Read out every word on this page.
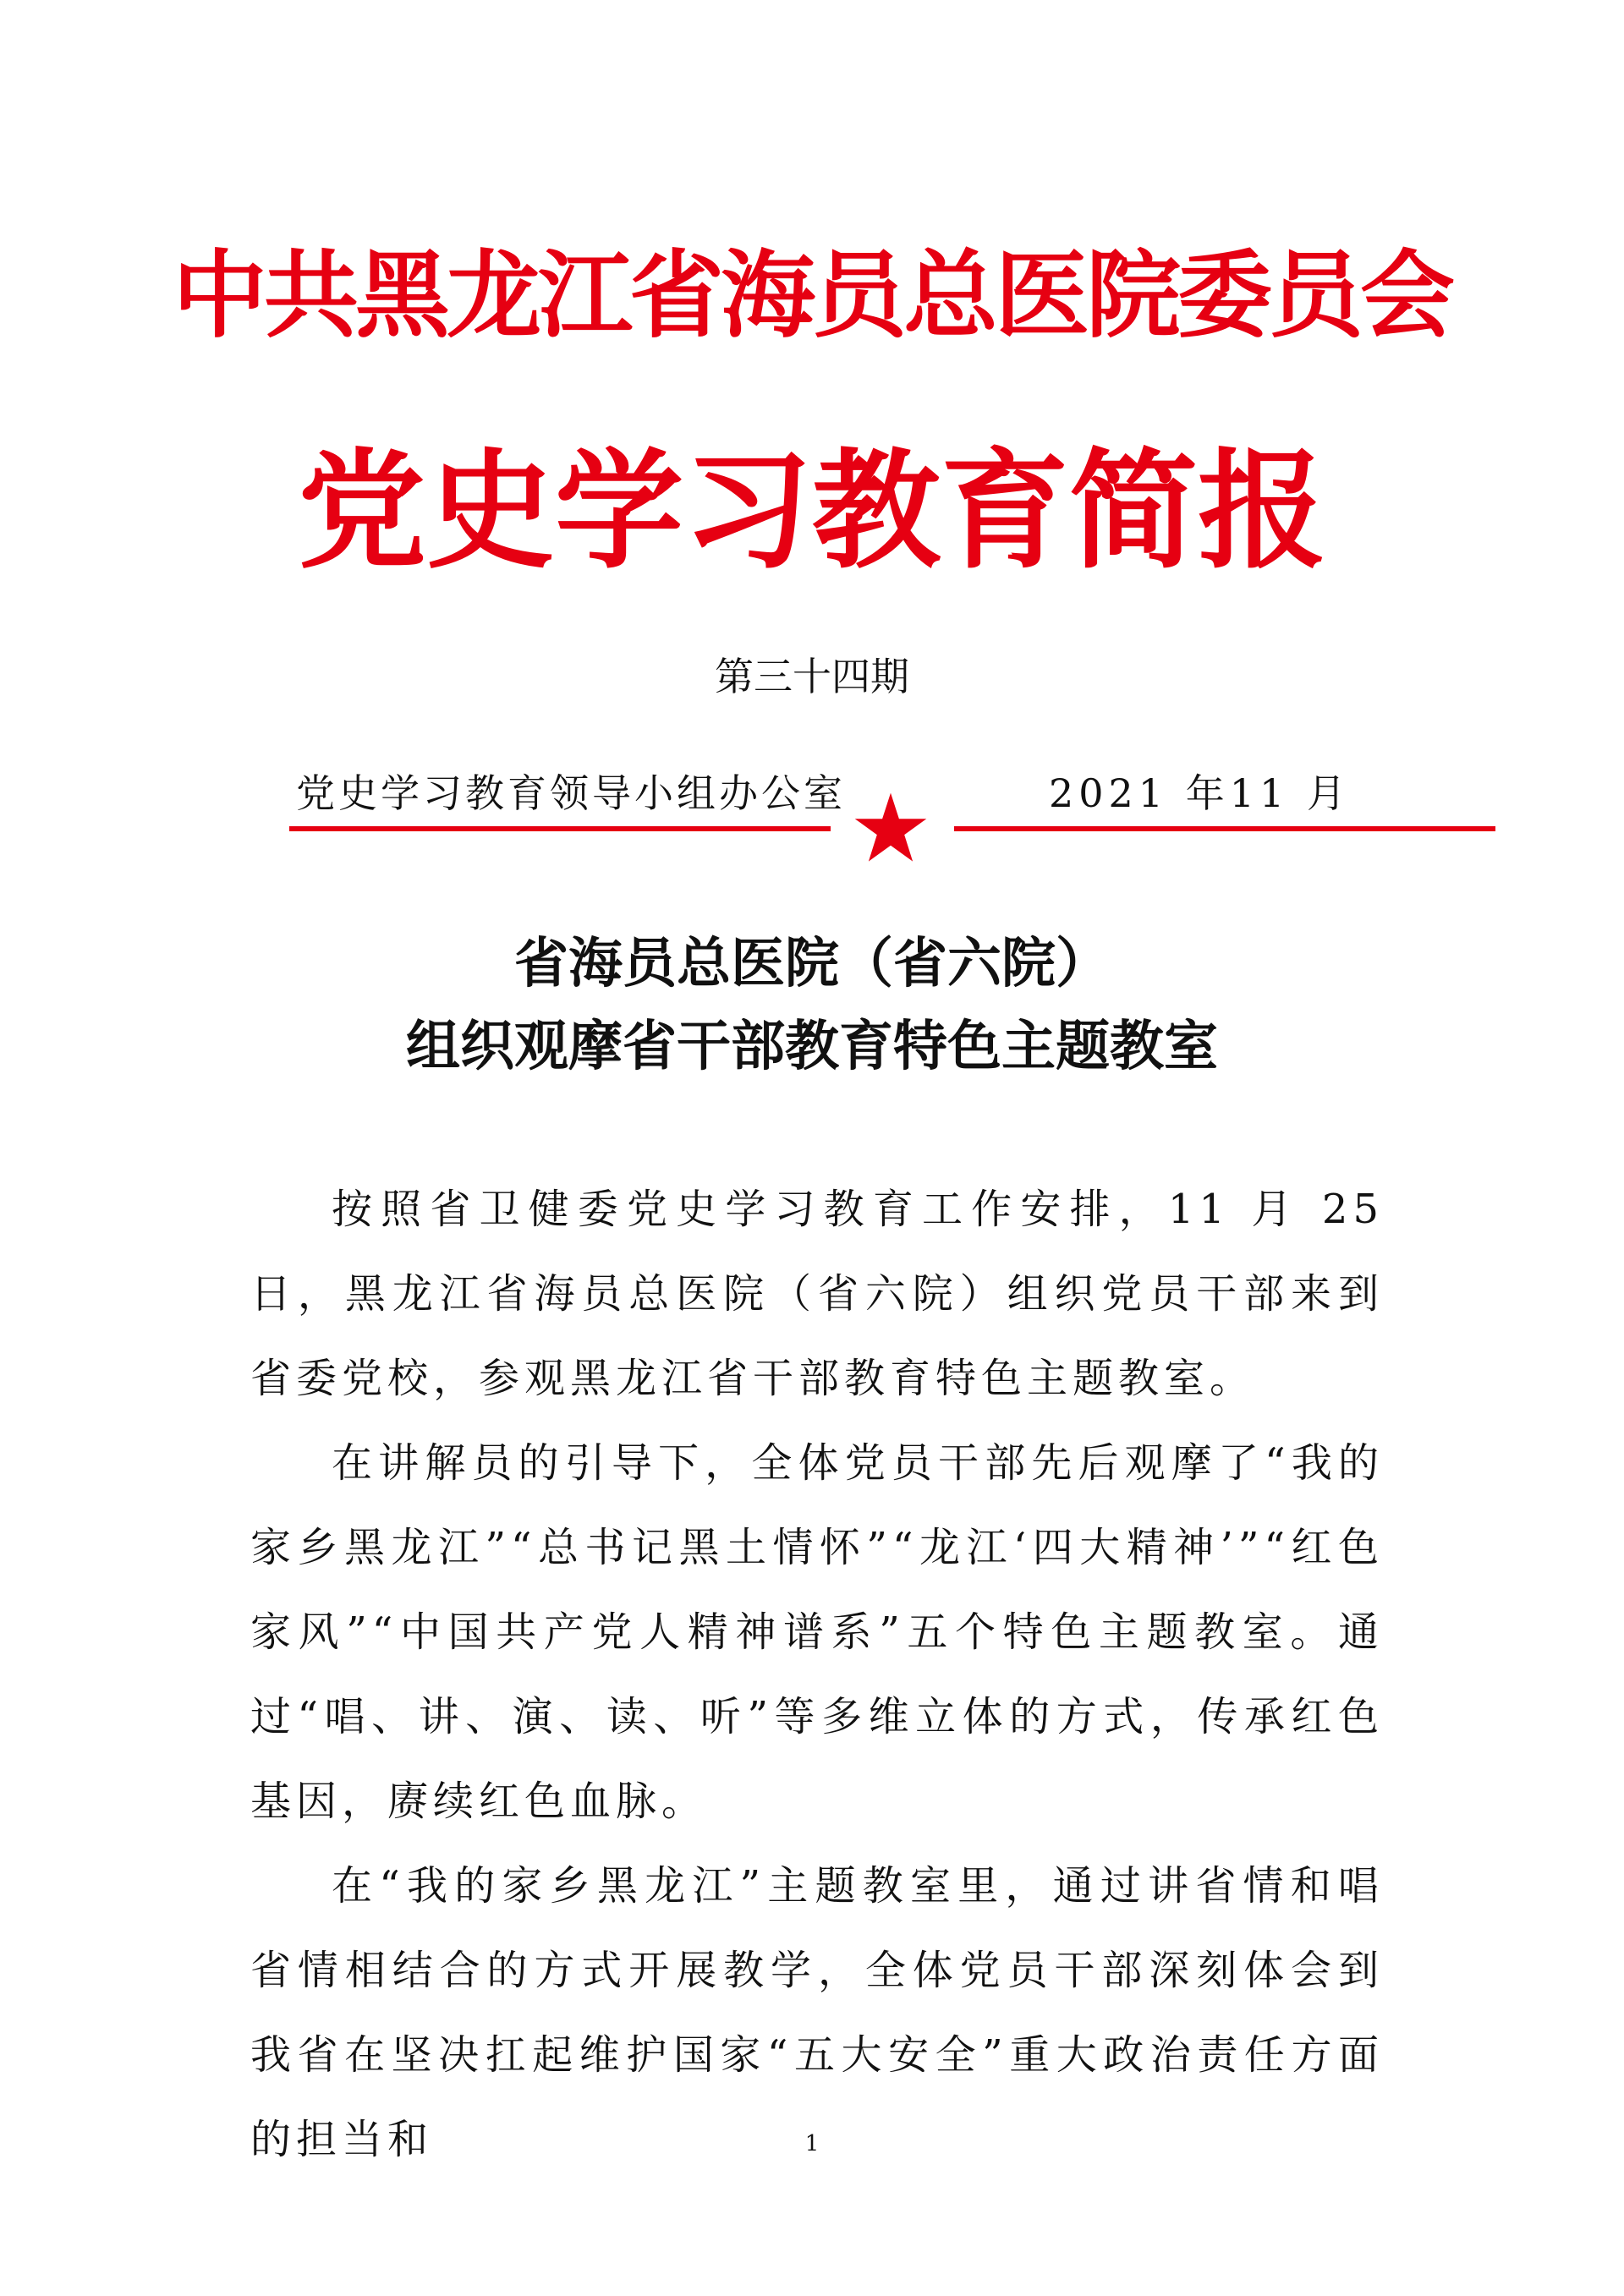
中共黑龙江省海员总医院委员会
党史学习教育简报
第三十四期
党史学习教育领导小组办公室	2021 年11 月
省海员总医院（省六院）
组织观摩省干部教育特色主题教室

按照省卫健委党史学习教育工作安排，11 月 25 日，黑龙江省海员总医院（省六院）组织党员干部来到省委党校，参观黑龙江省干部教育特色主题教室。

在讲解员的引导下，全体党员干部先后观摩了“我的家乡黑龙江”“总书记黑土情怀”“龙江‘四大精神’”“红色家风”“中国共产党人精神谱系”五个特色主题教室。通过“唱、讲、演、读、听”等多维立体的方式，传承红色基因，赓续红色血脉。

在“我的家乡黑龙江”主题教室里，通过讲省情和唱省情相结合的方式开展教学，全体党员干部深刻体会到我省在坚决扛起维护国家“五大安全”重大政治责任方面的担当和	1
